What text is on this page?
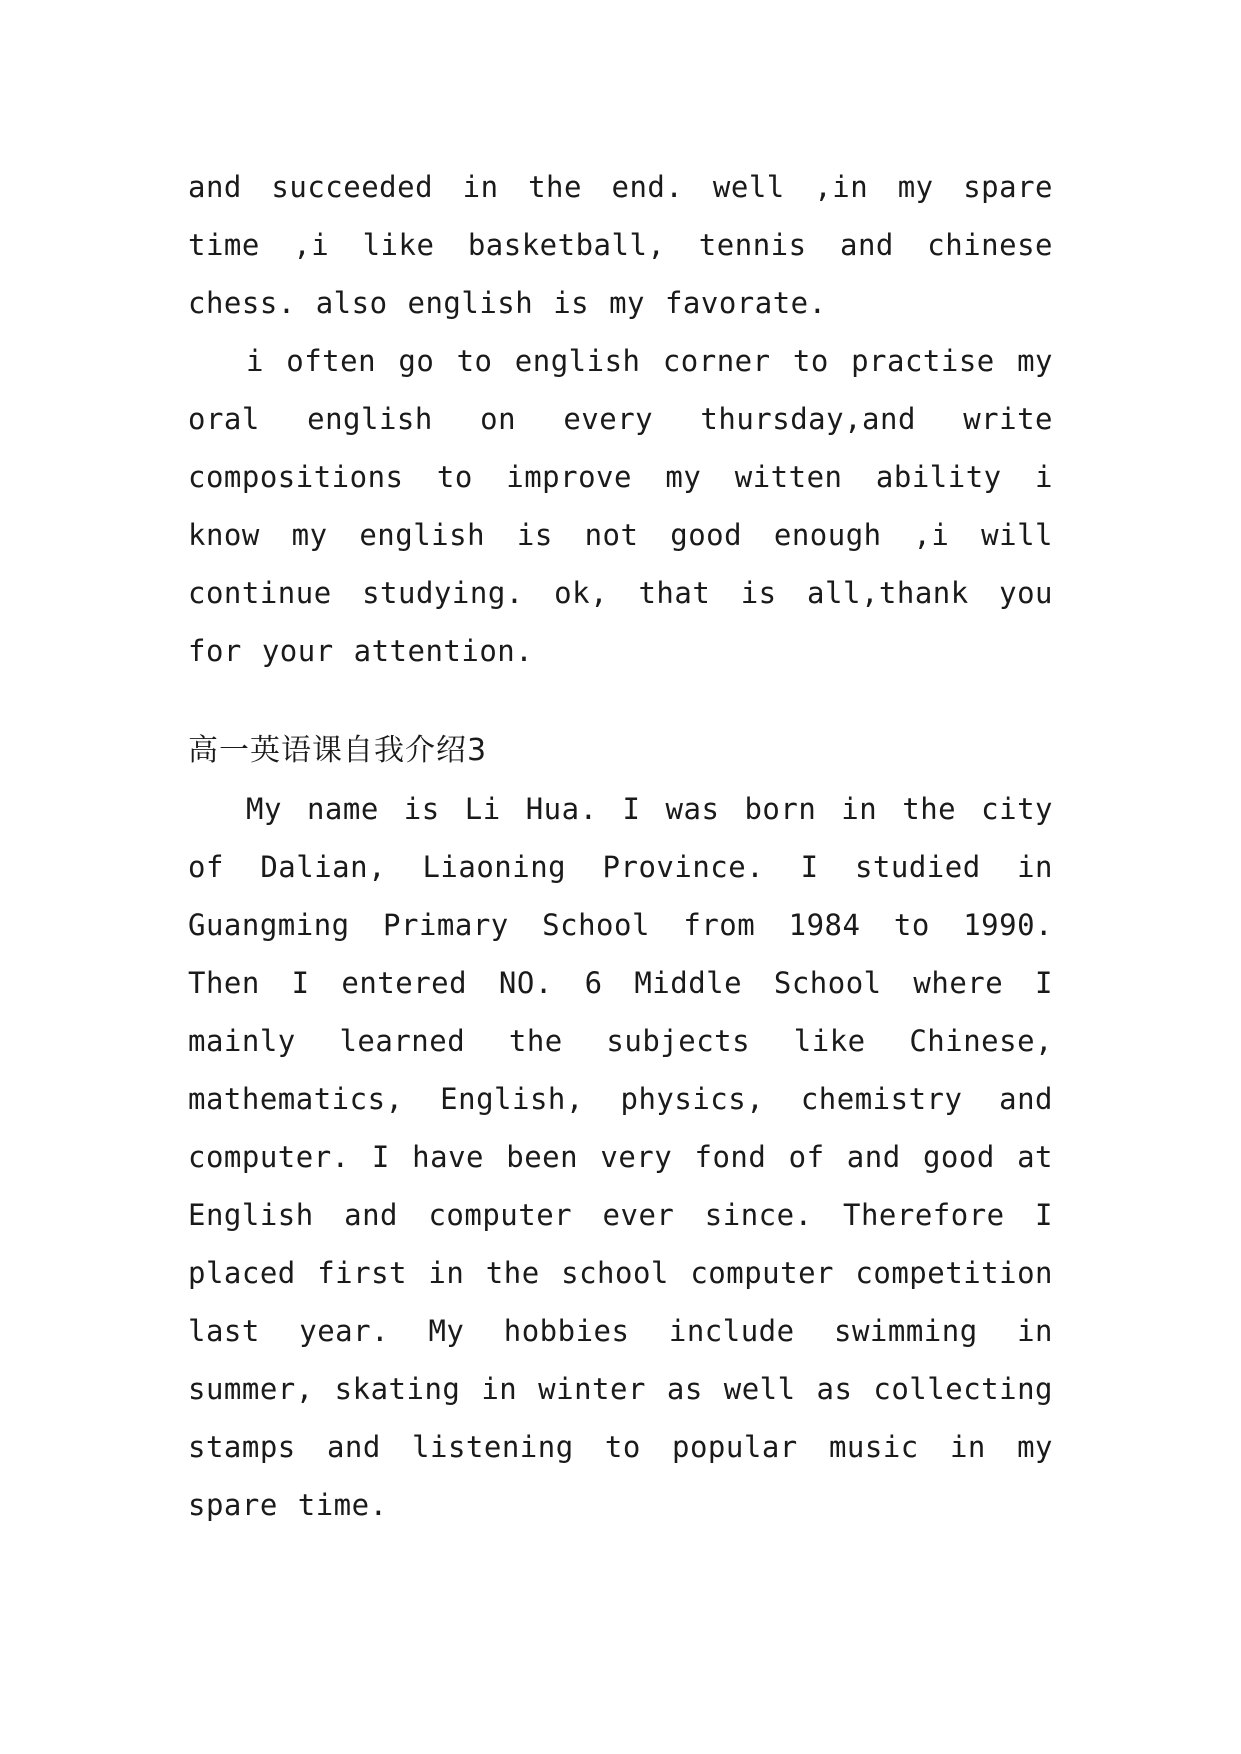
and succeeded in the end. well ,in my spare time ,i like basketball, tennis and chinese chess. also english is my favorate.

i often go to english corner to practise my oral english on every thursday,and write compositions to improve my witten ability i know my english is not good enough ,i will continue studying. ok, that is all,thank you for your attention.

高一英语课自我介绍3

My name is Li Hua. I was born in the city of Dalian, Liaoning Province. I studied in Guangming Primary School from 1984 to 1990. Then I entered NO. 6 Middle School where I mainly learned the subjects like Chinese, mathematics, English, physics, chemistry and computer. I have been very fond of and good at English and computer ever since. Therefore I placed first in the school computer competition last year. My hobbies include swimming in summer, skating in winter as well as collecting stamps and listening to popular music in my spare time.
